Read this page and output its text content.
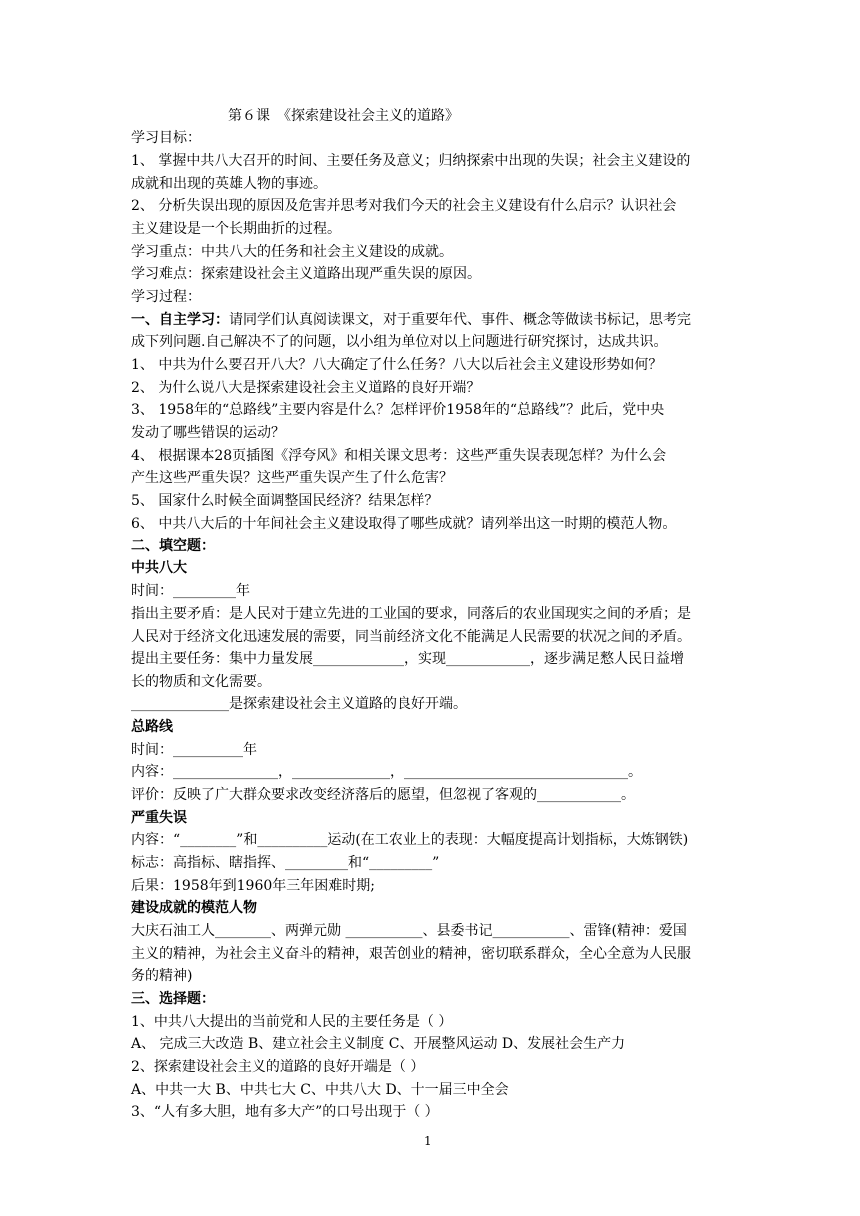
第６课　《探索建设社会主义的道路》
学习目标：
1、 掌握中共八大召开的时间、主要任务及意义；归纳探索中出现的失误；社会主义建设的
成就和出现的英雄人物的事迹。
2、 分析失误出现的原因及危害并思考对我们今天的社会主义建设有什么启示？认识社会
主义建设是一个长期曲折的过程。
学习重点：中共八大的任务和社会主义建设的成就。
学习难点：探索建设社会主义道路出现严重失误的原因。
学习过程：
一、自主学习：请同学们认真阅读课文，对于重要年代、事件、概念等做读书标记，思考完
成下列问题.自己解决不了的问题，以小组为单位对以上问题进行研究探讨，达成共识。
1、 中共为什么要召开八大？八大确定了什么任务？八大以后社会主义建设形势如何？
2、 为什么说八大是探索建设社会主义道路的良好开端？
3、 1958年的“总路线”主要内容是什么？怎样评价1958年的“总路线”？此后，党中央
发动了哪些错误的运动？
4、 根据课本28页插图《浮夸风》和相关课文思考：这些严重失误表现怎样？为什么会
产生这些严重失误？这些严重失误产生了什么危害？
5、 国家什么时候全面调整国民经济？结果怎样？
6、 中共八大后的十年间社会主义建设取得了哪些成就？请列举出这一时期的模范人物。
二、填空题：
中共八大
时间：_________年
指出主要矛盾：是人民对于建立先进的工业国的要求，同落后的农业国现实之间的矛盾；是
人民对于经济文化迅速发展的需要，同当前经济文化不能满足人民需要的状况之间的矛盾。
提出主要任务：集中力量发展_____________，实现____________，逐步满足憗人民日益增
长的物质和文化需要。
______________是探索建设社会主义道路的良好开端。
总路线
时间：__________年
内容：_______________，______________，________________________________。
评价：反映了广大群众要求改变经济落后的愿望，但忽视了客观的____________。
严重失误
内容：“________”和__________运动(在工农业上的表现：大幅度提高计划指标，大炼钢铁)
标志：高指标、瞎指挥、_________和“_________”
后果：1958年到1960年三年困难时期;
建设成就的模范人物
大庆石油工人________、两弹元勋 ___________、县委书记___________、雷锋(精神：爱国
主义的精神，为社会主义奋斗的精神，艰苦创业的精神，密切联系群众，全心全意为人民服
务的精神)
三、选择题：
1、中共八大提出的当前党和人民的主要任务是（ ）
A、 完成三大改造 B、建立社会主义制度 C、开展整风运动 D、发展社会生产力
2、探索建设社会主义的道路的良好开端是（ ）
A、中共一大 B、中共七大 C、中共八大 D、十一届三中全会
3、“人有多大胆，地有多大产”的口号出现于（ ）
1
